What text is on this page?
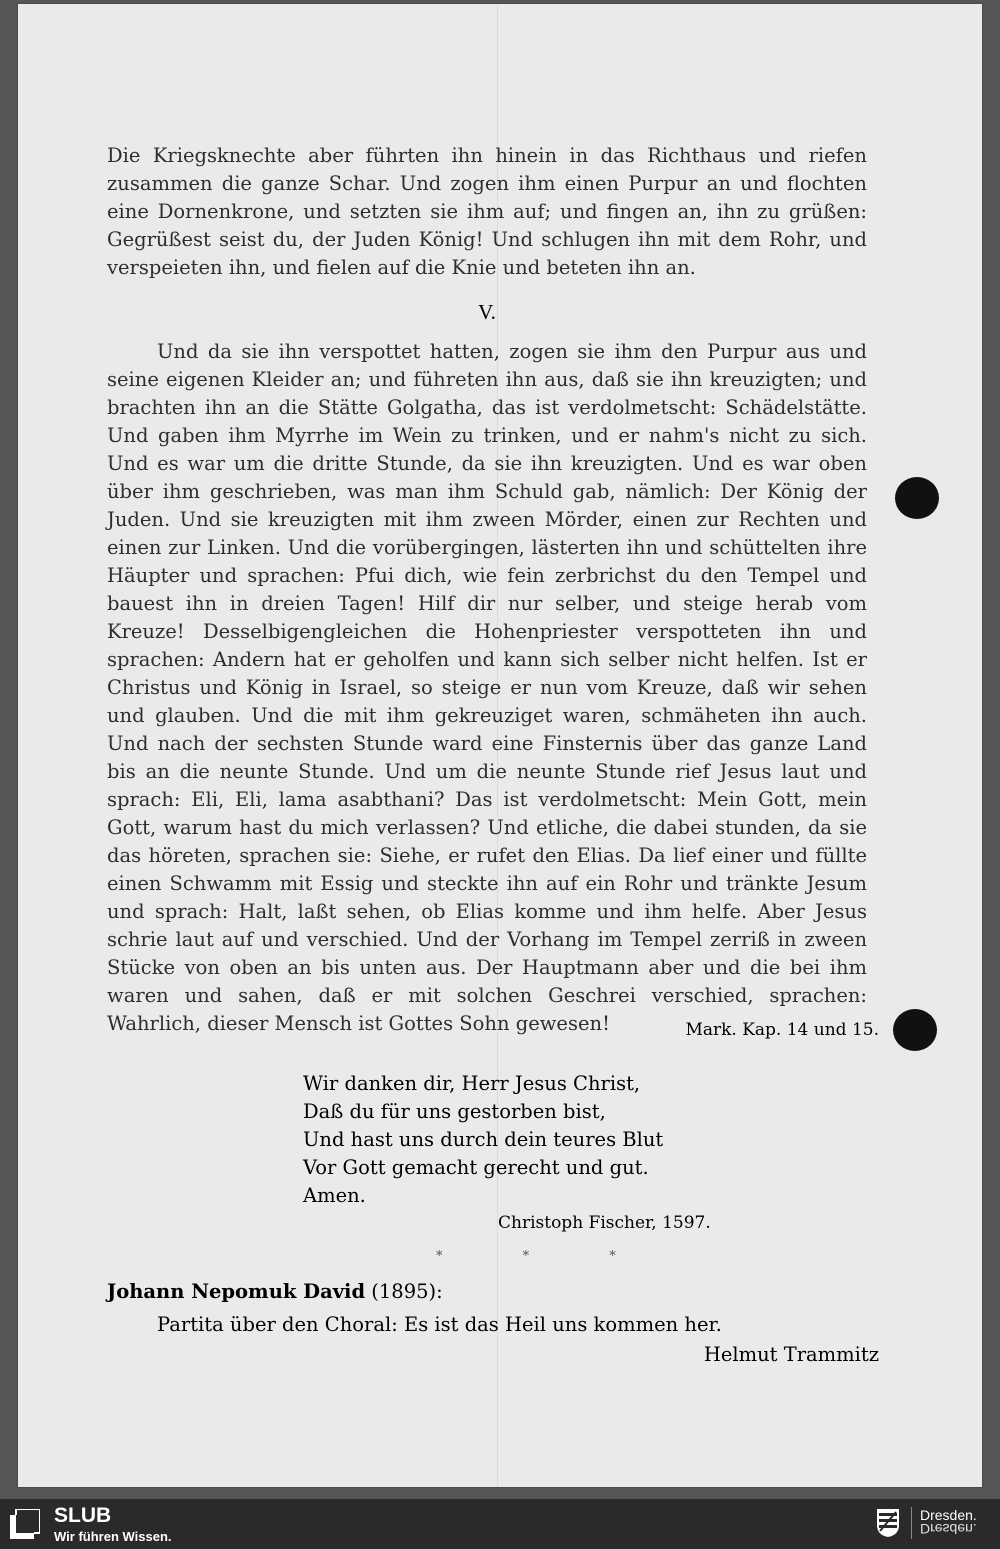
Die Kriegsknechte aber führten ihn hinein in das Richthaus und riefen zusammen die ganze Schar. Und zogen ihm einen Purpur an und flochten eine Dornenkrone, und setzten sie ihm auf; und fingen an, ihn zu grüßen: Gegrüßest seist du, der Juden König! Und schlugen ihn mit dem Rohr, und verspeieten ihn, und fielen auf die Knie und beteten ihn an.

V.

Und da sie ihn verspottet hatten, zogen sie ihm den Purpur aus und seine eigenen Kleider an; und führeten ihn aus, daß sie ihn kreuzigten; und brachten ihn an die Stätte Golgatha, das ist verdolmetscht: Schädelstätte. Und gaben ihm Myrrhe im Wein zu trinken, und er nahm's nicht zu sich. Und es war um die dritte Stunde, da sie ihn kreuzigten. Und es war oben über ihm geschrieben, was man ihm Schuld gab, nämlich: Der König der Juden. Und sie kreuzigten mit ihm zween Mörder, einen zur Rechten und einen zur Linken. Und die vorübergingen, lästerten ihn und schüttelten ihre Häupter und sprachen: Pfui dich, wie fein zerbrichst du den Tempel und bauest ihn in dreien Tagen! Hilf dir nur selber, und steige herab vom Kreuze! Desselbigengleichen die Hohenpriester verspotteten ihn und sprachen: Andern hat er geholfen und kann sich selber nicht helfen. Ist er Christus und König in Israel, so steige er nun vom Kreuze, daß wir sehen und glauben. Und die mit ihm gekreuziget waren, schmäheten ihn auch. Und nach der sechsten Stunde ward eine Finsternis über das ganze Land bis an die neunte Stunde. Und um die neunte Stunde rief Jesus laut und sprach: Eli, Eli, lama asabthani? Das ist verdolmetscht: Mein Gott, mein Gott, warum hast du mich verlassen? Und etliche, die dabei stunden, da sie das höreten, sprachen sie: Siehe, er rufet den Elias. Da lief einer und füllte einen Schwamm mit Essig und steckte ihn auf ein Rohr und tränkte Jesum und sprach: Halt, laßt sehen, ob Elias komme und ihm helfe. Aber Jesus schrie laut auf und verschied. Und der Vorhang im Tempel zerriß in zween Stücke von oben an bis unten aus. Der Hauptmann aber und die bei ihm waren und sahen, daß er mit solchen Geschrei verschied, sprachen: Wahrlich, dieser Mensch ist Gottes Sohn gewesen!	Mark. Kap. 14 und 15.
Wir danken dir, Herr Jesus Christ,
Daß du für uns gestorben bist,
Und hast uns durch dein teures Blut
Vor Gott gemacht gerecht und gut.
Amen.
Christoph Fischer, 1597.
* * *
Johann Nepomuk David (1895):
Partita über den Choral: Es ist das Heil uns kommen her.
Helmut Trammitz
SLUB
Wir führen Wissen.
Dresden.
Dresden.
